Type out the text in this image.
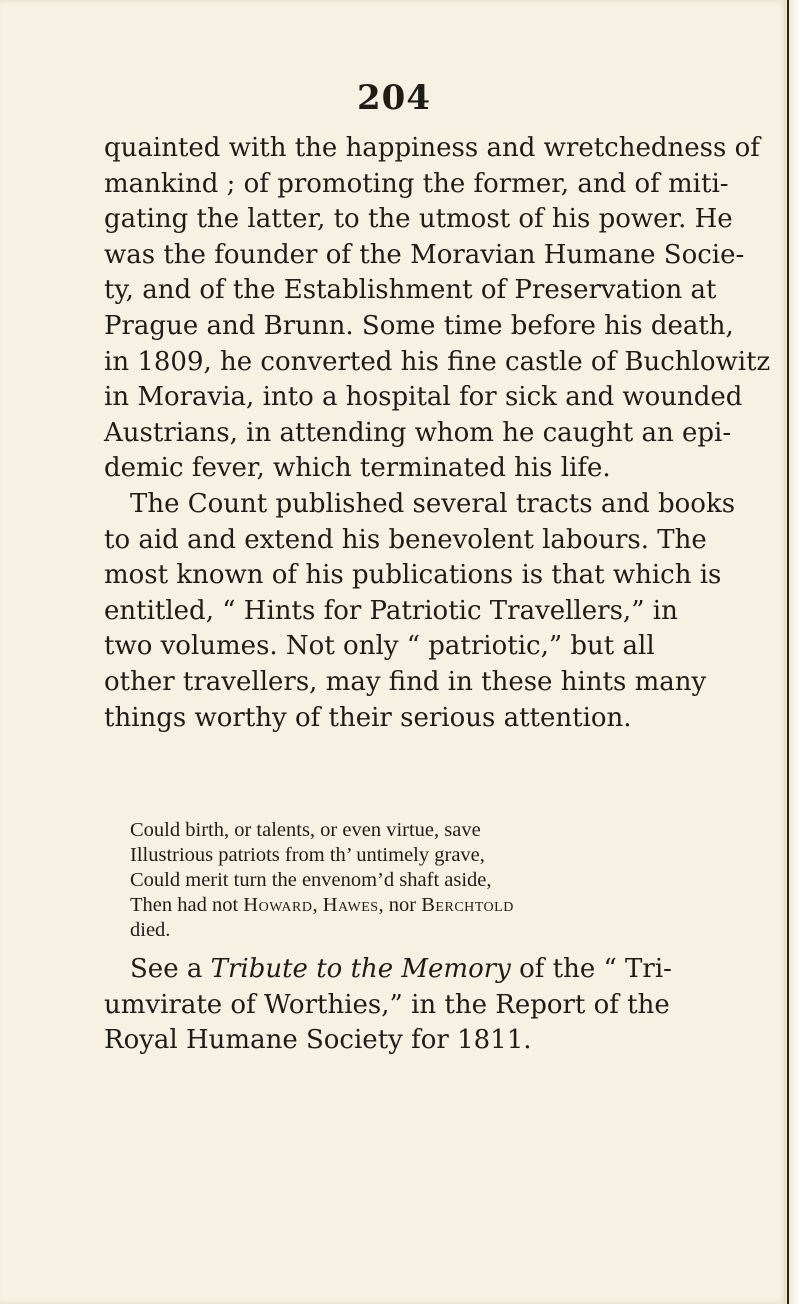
204
quainted with the happiness and wretchedness of
mankind ; of promoting the former, and of miti-
gating the latter, to the utmost of his power. He
was the founder of the Moravian Humane Socie-
ty, and of the Establishment of Preservation at
Prague and Brunn. Some time before his death,
in 1809, he converted his fine castle of Buchlowitz
in Moravia, into a hospital for sick and wounded
Austrians, in attending whom he caught an epi-
demic fever, which terminated his life.
The Count published several tracts and books
to aid and extend his benevolent labours. The
most known of his publications is that which is
entitled, “ Hints for Patriotic Travellers,” in
two volumes. Not only “ patriotic,” but all
other travellers, may find in these hints many
things worthy of their serious attention.
Could birth, or talents, or even virtue, save
Illustrious patriots from th’ untimely grave,
Could merit turn the envenom’d shaft aside,
Then had not Howard, Hawes, nor Berchtold
died.
See a Tribute to the Memory of the “ Tri-
umvirate of Worthies,” in the Report of the
Royal Humane Society for 1811.
